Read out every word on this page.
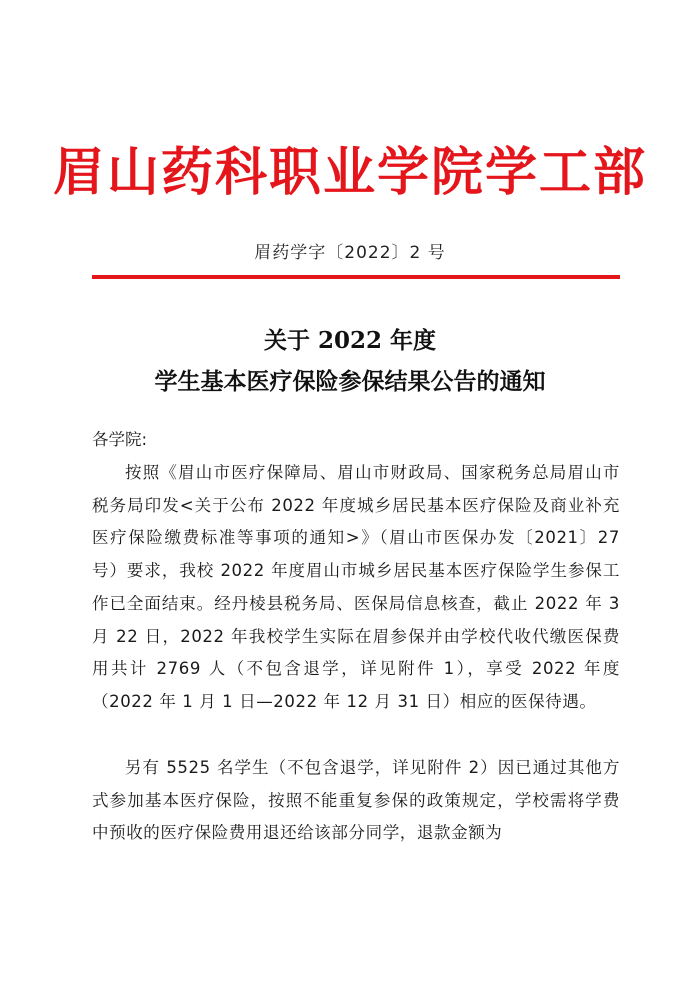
眉山药科职业学院学工部
眉药学字〔2022〕2 号
关于 2022 年度
学生基本医疗保险参保结果公告的通知
各学院:

按照《眉山市医疗保障局、眉山市财政局、国家税务总局眉山市税务局印发<关于公布 2022 年度城乡居民基本医疗保险及商业补充医疗保险缴费标准等事项的通知>》（眉山市医保办发〔2021〕27 号）要求，我校 2022 年度眉山市城乡居民基本医疗保险学生参保工作已全面结束。经丹棱县税务局、医保局信息核查，截止 2022 年 3 月 22 日，2022 年我校学生实际在眉参保并由学校代收代缴医保费用共计 2769 人（不包含退学，详见附件 1），享受 2022 年度（2022 年 1 月 1 日—2022 年 12 月 31 日）相应的医保待遇。

另有 5525 名学生（不包含退学，详见附件 2）因已通过其他方式参加基本医疗保险，按照不能重复参保的政策规定，学校需将学费中预收的医疗保险费用退还给该部分同学，退款金额为
